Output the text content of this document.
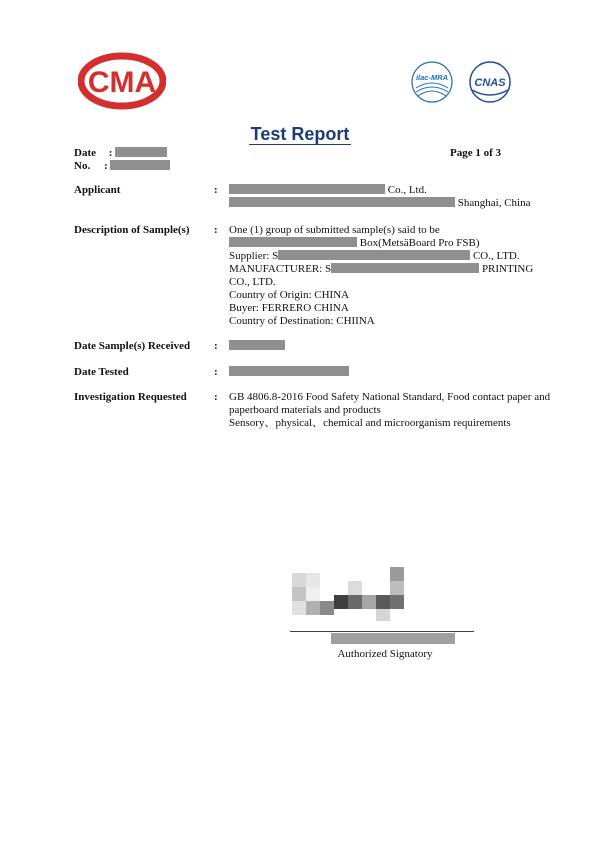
CMA	ilac-MRA CNAS
Test Report
Date :
No. :
Page 1 of 3
Applicant	:	Co., Ltd.
Shanghai, China
Description of Sample(s) : One (1) group of submitted sample(s) said to be
Box(MetsäBoard Pro FSB)
Supplier: S	CO., LTD.
MANUFACTURER: S	PRINTING
CO., LTD.
Country of Origin: CHINA
Buyer: FERRERO CHINA
Country of Destination: CHIINA
Date Sample(s) Received :
Date Tested	:
Investigation Requested : GB 4806.8-2016 Food Safety National Standard, Food contact paper and
paperboard materials and products
Sensory、physical、chemical and microorganism requirements
Authorized Signatory
